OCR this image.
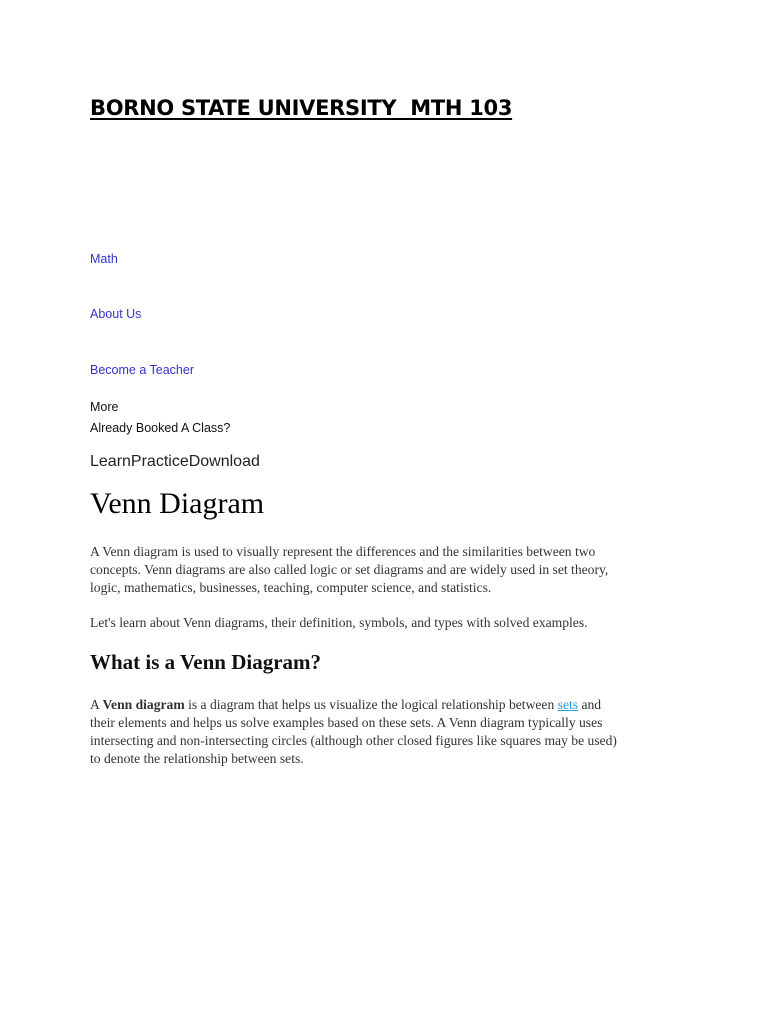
BORNO STATE UNIVERSITY  MTH 103
Math
About Us
Become a Teacher
More
Already Booked A Class?
LearnPracticeDownload
Venn Diagram

A Venn diagram is used to visually represent the differences and the similarities between two
concepts. Venn diagrams are also called logic or set diagrams and are widely used in set theory,
logic, mathematics, businesses, teaching, computer science, and statistics.

Let's learn about Venn diagrams, their definition, symbols, and types with solved examples.

What is a Venn Diagram?

A Venn diagram is a diagram that helps us visualize the logical relationship between sets and
their elements and helps us solve examples based on these sets. A Venn diagram typically uses
intersecting and non-intersecting circles (although other closed figures like squares may be used)
to denote the relationship between sets.
